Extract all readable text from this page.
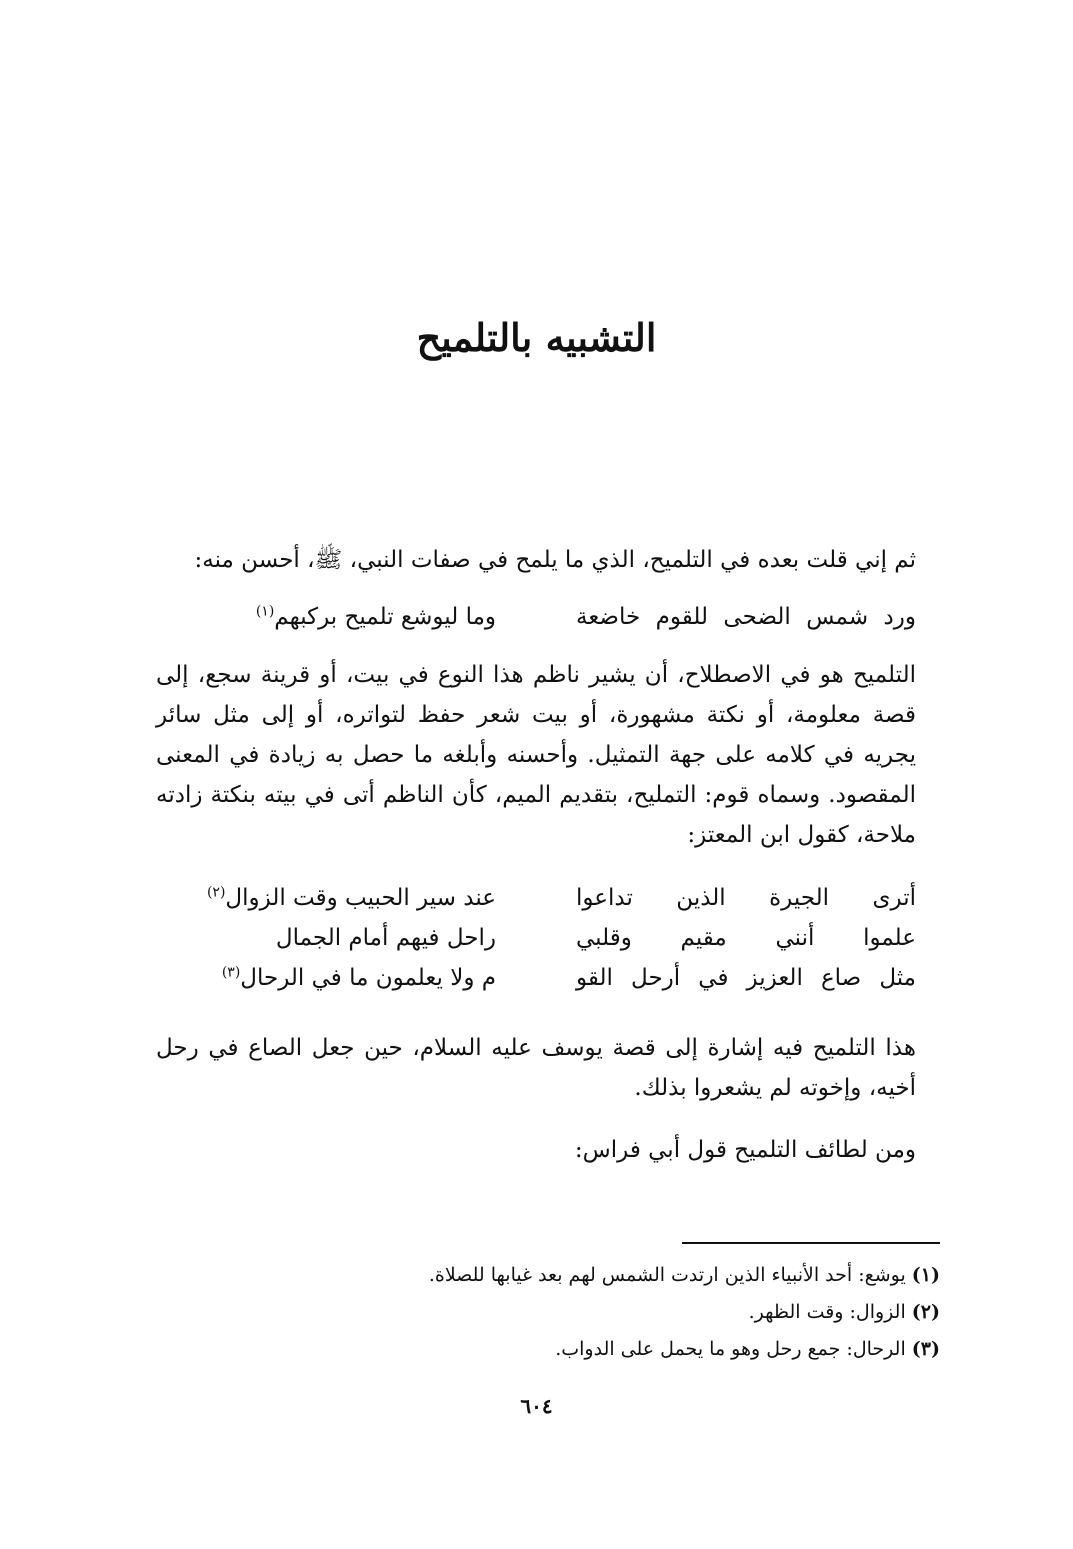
التشبيه بالتلميح
ثم إني قلت بعده في التلميح، الذي ما يلمح في صفات النبي، ﷺ، أحسن منه:
ورد شمس الضحى للقوم خاضعة
وما ليوشع تلميح بركبهم$^{(١)}$
التلميح هو في الاصطلاح، أن يشير ناظم هذا النوع في بيت، أو قرينة سجع، إلى قصة معلومة، أو نكتة مشهورة، أو بيت شعر حفظ لتواتره، أو إلى مثل سائر يجريه في كلامه على جهة التمثيل. وأحسنه وأبلغه ما حصل به زيادة في المعنى المقصود. وسماه قوم: التمليح، بتقديم الميم، كأن الناظم أتى في بيته بنكتة زادته ملاحة، كقول ابن المعتز:
أترى الجيرة الذين تداعوا
عند سير الحبيب وقت الزوال$^{(٢)}$
علموا أنني مقيم وقلبي
راحل فيهم أمام الجمال
مثل صاع العزيز في أرحل القو
م ولا يعلمون ما في الرحال$^{(٣)}$
هذا التلميح فيه إشارة إلى قصة يوسف عليه السلام، حين جعل الصاع في رحل أخيه، وإخوته لم يشعروا بذلك.
ومن لطائف التلميح قول أبي فراس:
(١) يوشع: أحد الأنبياء الذين ارتدت الشمس لهم بعد غيابها للصلاة.
(٢) الزوال: وقت الظهر.
(٣) الرحال: جمع رحل وهو ما يحمل على الدواب.
٦٠٤
